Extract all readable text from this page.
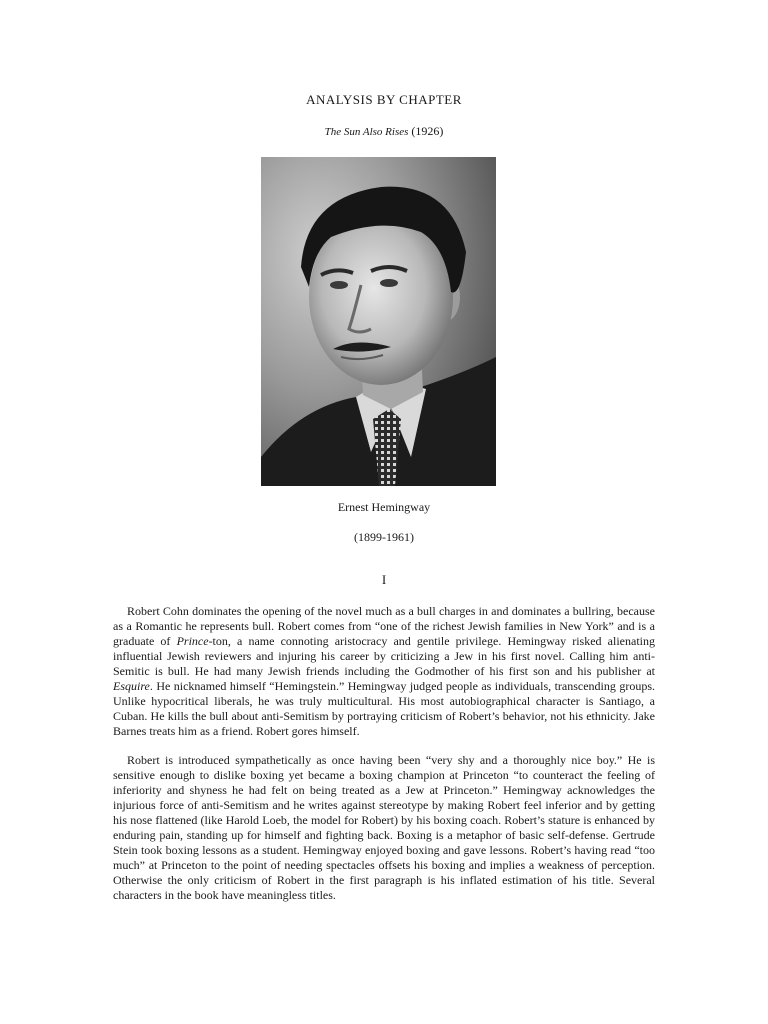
ANALYSIS BY CHAPTER
The Sun Also Rises (1926)
Ernest Hemingway
(1899-1961)
I

Robert Cohn dominates the opening of the novel much as a bull charges in and dominates a bullring, because as a Romantic he represents bull. Robert comes from “one of the richest Jewish families in New York” and is a graduate of Prince-ton, a name connoting aristocracy and gentile privilege. Hemingway risked alienating influential Jewish reviewers and injuring his career by criticizing a Jew in his first novel. Calling him anti-Semitic is bull. He had many Jewish friends including the Godmother of his first son and his publisher at Esquire. He nicknamed himself “Hemingstein.” Hemingway judged people as individuals, transcending groups. Unlike hypocritical liberals, he was truly multicultural. His most autobiographical character is Santiago, a Cuban. He kills the bull about anti-Semitism by portraying criticism of Robert’s behavior, not his ethnicity. Jake Barnes treats him as a friend. Robert gores himself.

Robert is introduced sympathetically as once having been “very shy and a thoroughly nice boy.” He is sensitive enough to dislike boxing yet became a boxing champion at Princeton “to counteract the feeling of inferiority and shyness he had felt on being treated as a Jew at Princeton.” Hemingway acknowledges the injurious force of anti-Semitism and he writes against stereotype by making Robert feel inferior and by getting his nose flattened (like Harold Loeb, the model for Robert) by his boxing coach. Robert’s stature is enhanced by enduring pain, standing up for himself and fighting back. Boxing is a metaphor of basic self-defense. Gertrude Stein took boxing lessons as a student. Hemingway enjoyed boxing and gave lessons. Robert’s having read “too much” at Princeton to the point of needing spectacles offsets his boxing and implies a weakness of perception. Otherwise the only criticism of Robert in the first paragraph is his inflated estimation of his title. Several characters in the book have meaningless titles.
